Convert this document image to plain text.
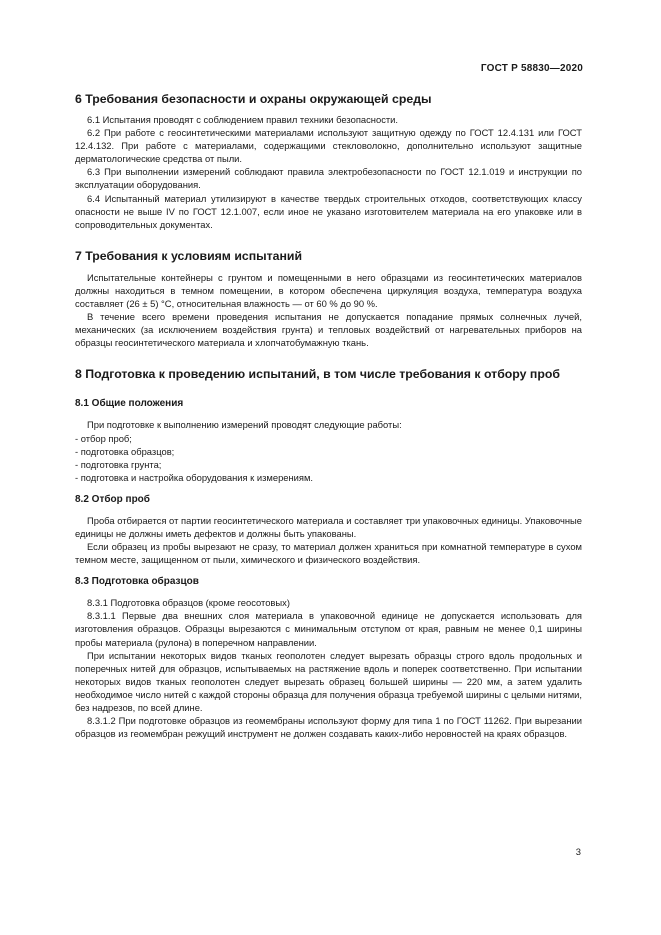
ГОСТ Р 58830—2020
6 Требования безопасности и охраны окружающей среды
6.1 Испытания проводят с соблюдением правил техники безопасности.
6.2 При работе с геосинтетическими материалами используют защитную одежду по ГОСТ 12.4.131 или ГОСТ 12.4.132. При работе с материалами, содержащими стекловолокно, дополнительно используют защитные дерматологические средства от пыли.
6.3 При выполнении измерений соблюдают правила электробезопасности по ГОСТ 12.1.019 и инструкции по эксплуатации оборудования.
6.4 Испытанный материал утилизируют в качестве твердых строительных отходов, соответствующих классу опасности не выше IV по ГОСТ 12.1.007, если иное не указано изготовителем материала на его упаковке или в сопроводительных документах.
7 Требования к условиям испытаний
Испытательные контейнеры с грунтом и помещенными в него образцами из геосинтетических материалов должны находиться в темном помещении, в котором обеспечена циркуляция воздуха, температура воздуха составляет (26 ± 5) °С, относительная влажность — от 60 % до 90 %.
В течение всего времени проведения испытания не допускается попадание прямых солнечных лучей, механических (за исключением воздействия грунта) и тепловых воздействий от нагревательных приборов на образцы геосинтетического материала и хлопчатобумажную ткань.
8 Подготовка к проведению испытаний, в том числе требования к отбору проб
8.1 Общие положения
При подготовке к выполнению измерений проводят следующие работы:
- отбор проб;
- подготовка образцов;
- подготовка грунта;
- подготовка и настройка оборудования к измерениям.
8.2 Отбор проб
Проба отбирается от партии геосинтетического материала и составляет три упаковочных единицы. Упаковочные единицы не должны иметь дефектов и должны быть упакованы.
Если образец из пробы вырезают не сразу, то материал должен храниться при комнатной температуре в сухом темном месте, защищенном от пыли, химического и физического воздействия.
8.3 Подготовка образцов
8.3.1 Подготовка образцов (кроме геосотовых)
8.3.1.1 Первые два внешних слоя материала в упаковочной единице не допускается использовать для изготовления образцов. Образцы вырезаются с минимальным отступом от края, равным не менее 0,1 ширины пробы материала (рулона) в поперечном направлении.
При испытании некоторых видов тканых геополотен следует вырезать образцы строго вдоль продольных и поперечных нитей для образцов, испытываемых на растяжение вдоль и поперек соответственно. При испытании некоторых видов тканых геополотен следует вырезать образец большей ширины — 220 мм, а затем удалить необходимое число нитей с каждой стороны образца для получения образца требуемой ширины с целыми нитями, без надрезов, по всей длине.
8.3.1.2 При подготовке образцов из геомембраны используют форму для типа 1 по ГОСТ 11262. При вырезании образцов из геомембран режущий инструмент не должен создавать каких-либо неровностей на краях образцов.
3
